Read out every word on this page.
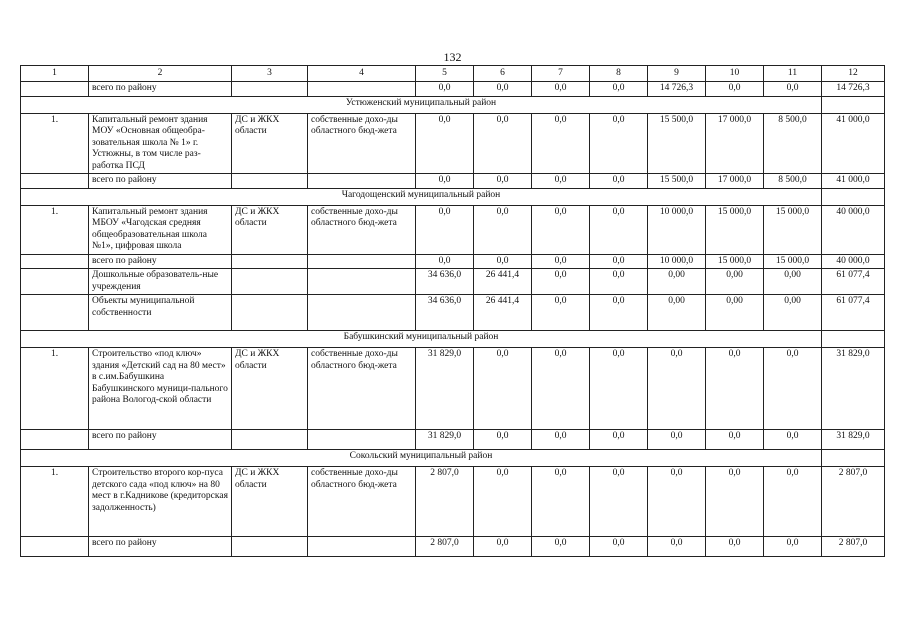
132
1	2	3	4	5	6	7	8	9	10	11	12
	всего по району			0,0	0,0	0,0	0,0	14 726,3	0,0	0,0	14 726,3
Устюженский муниципальный район											
1.	Капитальный ремонт здания МОУ «Основная общеобра-зовательная школа № 1» г. Устюжны, в том числе раз-работка ПСД	ДС и ЖКХ области	собственные дохо-ды областного бюд-жета	0,0	0,0	0,0	0,0	15 500,0	17 000,0	8 500,0	41 000,0
	всего по району			0,0	0,0	0,0	0,0	15 500,0	17 000,0	8 500,0	41 000,0
Чагодощенский муниципальный район											
1.	Капитальный ремонт здания МБОУ «Чагодская средняя общеобразовательная школа №1», цифровая школа	ДС и ЖКХ области	собственные дохо-ды областного бюд-жета	0,0	0,0	0,0	0,0	10 000,0	15 000,0	15 000,0	40 000,0
	всего по району			0,0	0,0	0,0	0,0	10 000,0	15 000,0	15 000,0	40 000,0
	Дошкольные образователь-ные учреждения			34 636,0	26 441,4	0,0	0,0	0,00	0,00	0,00	61 077,4
	Объекты муниципальной собственности			34 636,0	26 441,4	0,0	0,0	0,00	0,00	0,00	61 077,4
Бабушкинский муниципальный район											
1.	Строительство «под ключ» здания «Детский сад на 80 мест» в с.им.Бабушкина Бабушкинского муници-пального района Вологод-ской области	ДС и ЖКХ области	собственные дохо-ды областного бюд-жета	31 829,0	0,0	0,0	0,0	0,0	0,0	0,0	31 829,0
	всего по району			31 829,0	0,0	0,0	0,0	0,0	0,0	0,0	31 829,0
Сокольский муниципальный район											
1.	Строительство второго кор-пуса детского сада «под ключ» на 80 мест в г.Кадникове (кредиторская задолженность)	ДС и ЖКХ области	собственные дохо-ды областного бюд-жета	2 807,0	0,0	0,0	0,0	0,0	0,0	0,0	2 807,0
	всего по району			2 807,0	0,0	0,0	0,0	0,0	0,0	0,0	2 807,0
